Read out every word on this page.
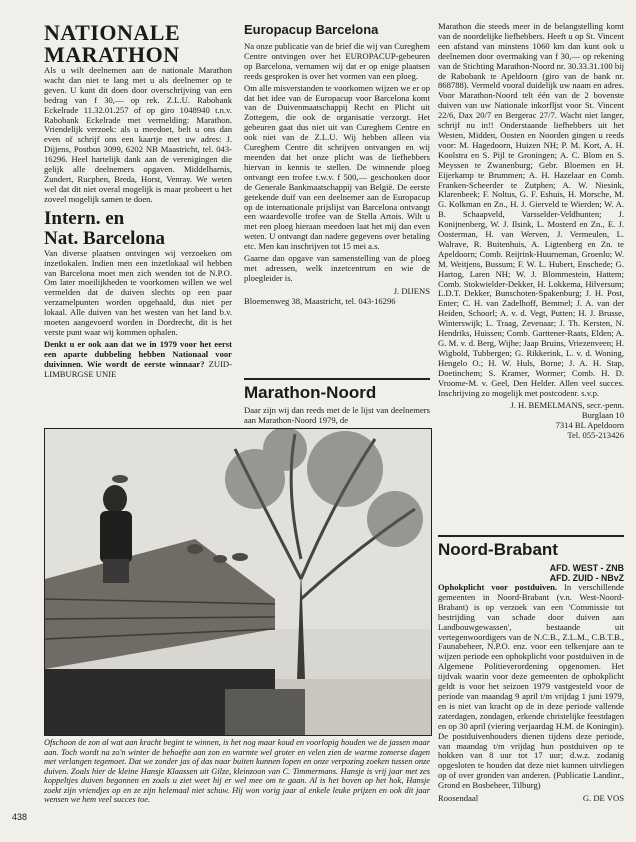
NATIONALE
MARATHON

Als u wilt deelnemen aan de nationale Marathon wacht dan niet te lang met u als deelnemer op te geven. U kunt dit doen door overschrijving van een bedrag van f 30,— op rek. Z.L.U. Rabobank Eckelrade 11.32.01.257 of op giro 1048940 t.n.v. Rabobank Eckelrade met vermelding: Marathon. Vriendelijk verzoek: als u meedoet, belt u ons dan even of schrijf ons een kaartje met uw adres: J. Dijjens, Postbus 3099, 6202 NB Maastricht, tel. 043-16296. Heel hartelijk dank aan de verenigingen die gelijk alle deelnemers opgaven. Middelharnis, Zundert, Rucphen, Breda, Horst, Venray. We weten wel dat dit niet overal mogelijk is maar probeert u het zoveel mogelijk samen te doen.

Intern. en
Nat. Barcelona

Van diverse plaatsen ontvingen wij verzoeken om inzetlokalen. Indien men een inzetlokaal wil hebben van Barcelona moet men zich wenden tot de N.P.O. Om later moeilijkheden te voorkomen willen we wel vermelden dat de duiven slechts op een paar verzamelpunten worden opgehaald, dus niet per lokaal. Alle duiven van het westen van het land b.v. moeten aangevoerd worden in Dordrecht, dit is het verste punt waar wij kommen ophalen.

Denkt u er ook aan dat we in 1979 voor het eerst een aparte dubbeling hebben Nationaal voor duivinnen. Wie wordt de eerste winnaar? ZUID-LIMBURGSE UNIE

Europacup Barcelona

Na onze publicatie van de brief die wij van Cureghem Centre ontvingen over het EUROPACUP-gebeuren op Barcelona, vernamen wij dat er op enige plaatsen reeds gesproken is over het vormen van een ploeg.

Om alle misverstanden te voorkomen wijzen we er op dat het idee van de Europacup voor Barcelona komt van de Duivenmaatschappij Recht en Plicht uit Zottegem, die ook de organisatie verzorgt. Het gebeuren gaat dus niet uit van Cureghem Centre en ook niet van de Z.L.U. Wij hebben alleen via Cureghem Centre dit schrijven ontvangen en wij meenden dat het onze plicht was de liefhebbers hiervan in kennis te stellen. De winnende ploeg ontvangt een trofee t.w.v. f 500,— geschonken door de Generale Bankmaatschappij van België. De eerste getekende duif van een deelnemer aan de Europacup op de internationale prijslijst van Barcelona ontvangt een waardevolle trofee van de Stella Artois. Wilt u met een ploeg hieraan meedoen laat het mij dan even weten. U ontvangt dan nadere gegevens over betaling etc. Men kan inschrijven tot 15 mei a.s.

Gaarne dan opgave van samenstelling van de ploeg met adressen, welk inzetcentrum en wie de ploegleider is.

J. DIJENS
Bloemenweg 38, Maastricht, tel. 043-16296
Marathon-Noord

Daar zijn wij dan reeds met de le lijst van deelnemers aan Marathon-Noord 1979, de

Ofschoon de zon al wat aan kracht begint te winnen, is het nog maar koud en voorlopig houden we de jassen maar aan. Toch wordt na zo'n winter de behoefte aan zon en warmte wel groter en velen zien de warme zomerse dagen met verlangen tegemoet. Dat we zonder jas of das naar buiten kunnen lopen en onze verpozing zoeken tussen onze duiven. Zoals hier de kleine Hansje Klaassen uit Gilze, kleinzoon van C. Timmermans. Hansje is vrij jaar met zes koppeltjes duiven begonnen en zoals u ziet weet hij er wel mee om te gaan. Al is het boven op het hok, Hansje zoekt zijn vriendjes op en ze zijn helemaal niet schuw. Hij won vorig jaar al enkele leuke prijzen en ook dit jaar wensen we hem veel succes toe.
438

Marathon die steeds meer in de belangstelling komt van de noordelijke liefhebbers. Heeft u op St. Vincent een afstand van minstens 1060 km dan kunt ook u deelnemen door overmaking van f 30,— op rekening van de Stichting Marathon-Noord nr. 30.33.31.100 bij de Rabobank te Apeldoorn (giro van de bank nr. 868788). Vermeld vooral duidelijk uw naam en adres. Voor Marathon-Noord telt één van de 2 bovenste duiven van uw Nationale inkorfljst voor St. Vincent 22/6, Dax 20/7 en Bergerac 27/7. Wacht niet langer, schrijf nu in!! Onderstaande liefhebbers uit het Westen, Midden, Oosten en Noorden gingen u reeds voor: M. Hagedoorn, Huizen NH; P. M. Kort, A. H. Koolstra en S. Pijl te Groningen; A. C. Blom en S. Meyssen te Zwanenburg; Gebr. Bloemen en H. Eijerkamp te Brummen; A. H. Hazelaar en Comb. Franken-Scheerder te Zutphen; A. W. Niesink, Klarenbeek; F. Noltus, G. F. Eshuis, H. Morsche, M. G. Kolkman en Zn., H. J. Gierveld te Wierden; W. A. B. Schaapveld, Varsselder-Veldhunten; J. Konijnenberg, W. J. Ilsink, L. Mosterd en Zn., E. J. Oosterman, H. van Werven, J. Vermeulen, L. Walrave, R. Buitenhuis, A. Ligtenberg en Zn. te Apeldoorn; Comb. Reijrink-Huurneman, Groenlo; W. M. Weitjens, Bussum; F. W. L. Hubert, Enschede; G. Hartog, Laren NH; W. J. Blommestein, Hattem; Comb. Stokwielder-Dekker, H. Lokkema, Hilversum; L.D.T. Dekker, Bunschoten-Spakenburg; J. H. Post, Enter; C. H. van Zadelhoff, Bemmel; J. A. van der Heiden, Schoorl; A. v. d. Vegt, Putten; H. J. Brusse, Winterswijk; L. Traag, Zevenaar; J. Th. Kersten, N. Hendriks, Huissen; Comb. Garttener-Raats, Elden; A. G. M. v. d. Berg, Wijhe; Jaap Bruins, Vriezenveen; H. Wigbold, Tubbergen; G. Rikkerink, L. v. d. Woning, Hengelo O.; H. W. Huls, Borne; J. A. H. Stap, Doetinchem; S. Kramer, Wormer; Comb. H. D. Vroome-M. v. Geel, Den Helder. Allen veel succes. Inschrijving zo mogelijk met postcodenr. s.v.p.

J. H. BEMELMANS, secr.-penn.
Burglaan 10
7314 BL Apeldoorn
Tel. 055-213426
Noord-Brabant
AFD. WEST - ZNB
AFD. ZUID - NBvZ

Ophokplicht voor postduiven. In verschillende gemeenten in Noord-Brabant (v.n. West-Noord-Brabant) is op verzoek van een 'Commissie tot bestrijding van schade door duiven aan Landbouwgewassen', bestaande uit vertegenwoordigers van de N.C.B., Z.L.M., C.B.T.B., Faunabeheer, N.P.O. enz. voor een telkenjare aan te wijzen periode een ophokplicht voor postduiven in de Algemene Politieverordening opgenomen. Het tijdvak waarin voor deze gemeenten de ophokplicht geldt is voor het seizoen 1979 vastgesteld voor de periode van maandag 9 april t/m vrijdag 1 juni 1979, en is niet van kracht op de in deze periode vallende zaterdagen, zondagen, erkende christelijke feestdagen en op 30 april (viering verjaardag H.M. de Koningin). De postduivenhouders dienen tijdens deze periode, van maandag t/m vrijdag hun postduiven op te hokken van 8 uur tot 17 uur; d.w.z. zodanig opgesloten te houden dat deze niet kunnen uitvliegen op of over gronden van anderen. (Publicatie Landinr., Grond en Bosbeheer, Tilburg)

Roosendaal	G. DE VOS
